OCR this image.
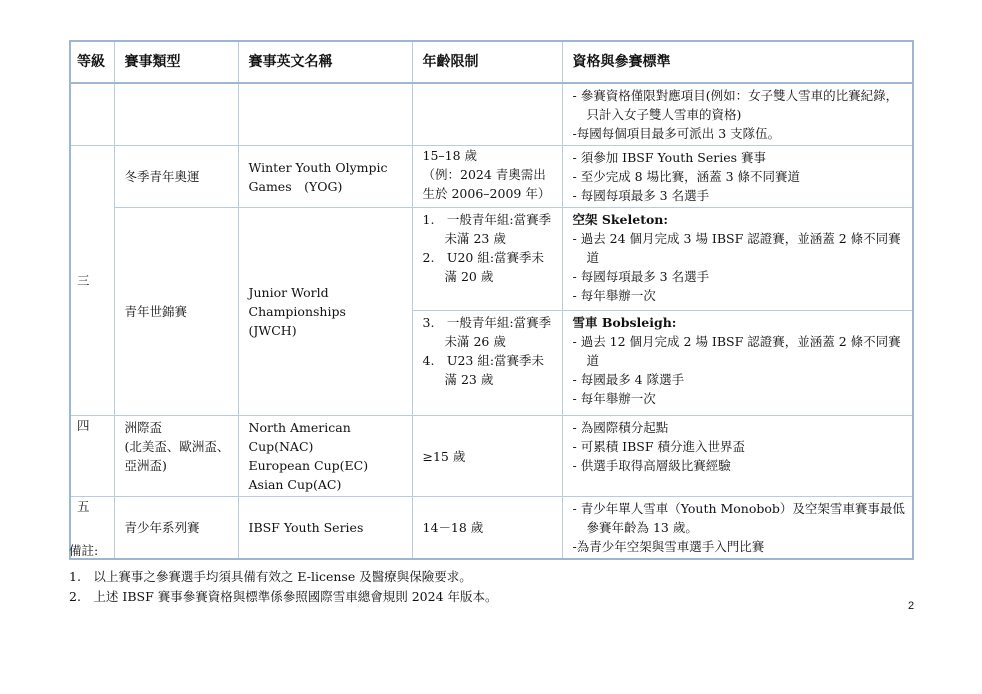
等級	賽事類型	賽事英文名稱	年齡限制	資格與參賽標準

				- 參賽資格僅限對應項目(例如：女子雙人雪車的比賽紀錄，只計入女子雙人雪車的資格)
-每國每個項目最多可派出 3 支隊伍。

三	冬季青年奧運	Winter Youth Olympic Games　(YOG)	15–18 歲
（例：2024 青奧需出生於 2006–2009 年）	- 須參加 IBSF Youth Series 賽事
- 至少完成 8 場比賽，涵蓋 3 條不同賽道
- 每國每項最多 3 名選手

	青年世錦賽	Junior World
Championships
(JWCH)	1.　一般青年組:當賽季未滿 23 歲
2.　U20 組:當賽季未滿 20 歲	空架 Skeleton:
- 過去 24 個月完成 3 場 IBSF 認證賽，並涵蓋 2 條不同賽道
- 每國每項最多 3 名選手
- 每年舉辦一次

			3.　一般青年組:當賽季未滿 26 歲
4.　U23 組:當賽季未滿 23 歲	雪車 Bobsleigh:
- 過去 12 個月完成 2 場 IBSF 認證賽，並涵蓋 2 條不同賽道
- 每國最多 4 隊選手
- 每年舉辦一次

四	洲際盃
(北美盃、歐洲盃、亞洲盃)	North American Cup(NAC)
European Cup(EC)
Asian Cup(AC)	≥15 歲	- 為國際積分起點
- 可累積 IBSF 積分進入世界盃
- 供選手取得高層級比賽經驗

五	青少年系列賽	IBSF Youth Series	14－18 歲	- 青少年單人雪車（Youth Monobob）及空架雪車賽事最低參賽年齡為 13 歲。
-為青少年空架與雪車選手入門比賽
備註:
1.　以上賽事之參賽選手均須具備有效之 E-license 及醫療與保險要求。
2.　上述 IBSF 賽事參賽資格與標準係參照國際雪車總會規則 2024 年版本。
2
